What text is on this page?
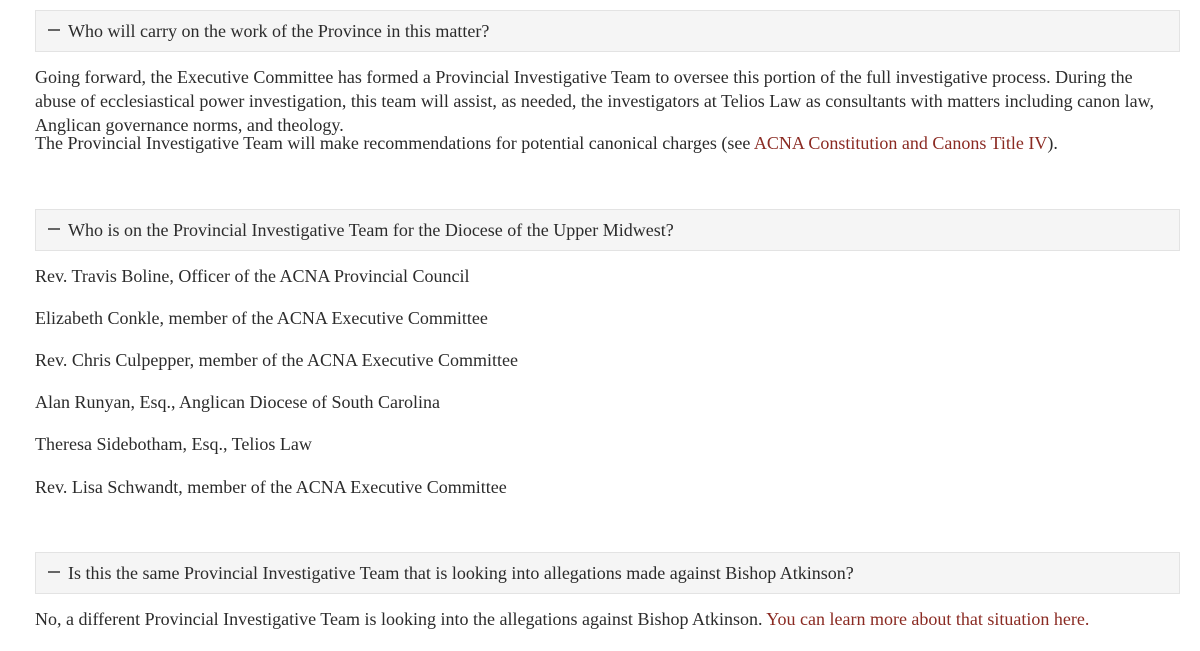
Who will carry on the work of the Province in this matter?

Going forward, the Executive Committee has formed a Provincial Investigative Team to oversee this portion of the full investigative process. During the abuse of ecclesiastical power investigation, this team will assist, as needed, the investigators at Telios Law as consultants with matters including canon law, Anglican governance norms, and theology.

The Provincial Investigative Team will make recommendations for potential canonical charges (see ACNA Constitution and Canons Title IV).

Who is on the Provincial Investigative Team for the Diocese of the Upper Midwest?

Rev. Travis Boline, Officer of the ACNA Provincial Council

Elizabeth Conkle, member of the ACNA Executive Committee

Rev. Chris Culpepper, member of the ACNA Executive Committee

Alan Runyan, Esq., Anglican Diocese of South Carolina

Theresa Sidebotham, Esq., Telios Law

Rev. Lisa Schwandt, member of the ACNA Executive Committee

Is this the same Provincial Investigative Team that is looking into allegations made against Bishop Atkinson?

No, a different Provincial Investigative Team is looking into the allegations against Bishop Atkinson. You can learn more about that situation here.
